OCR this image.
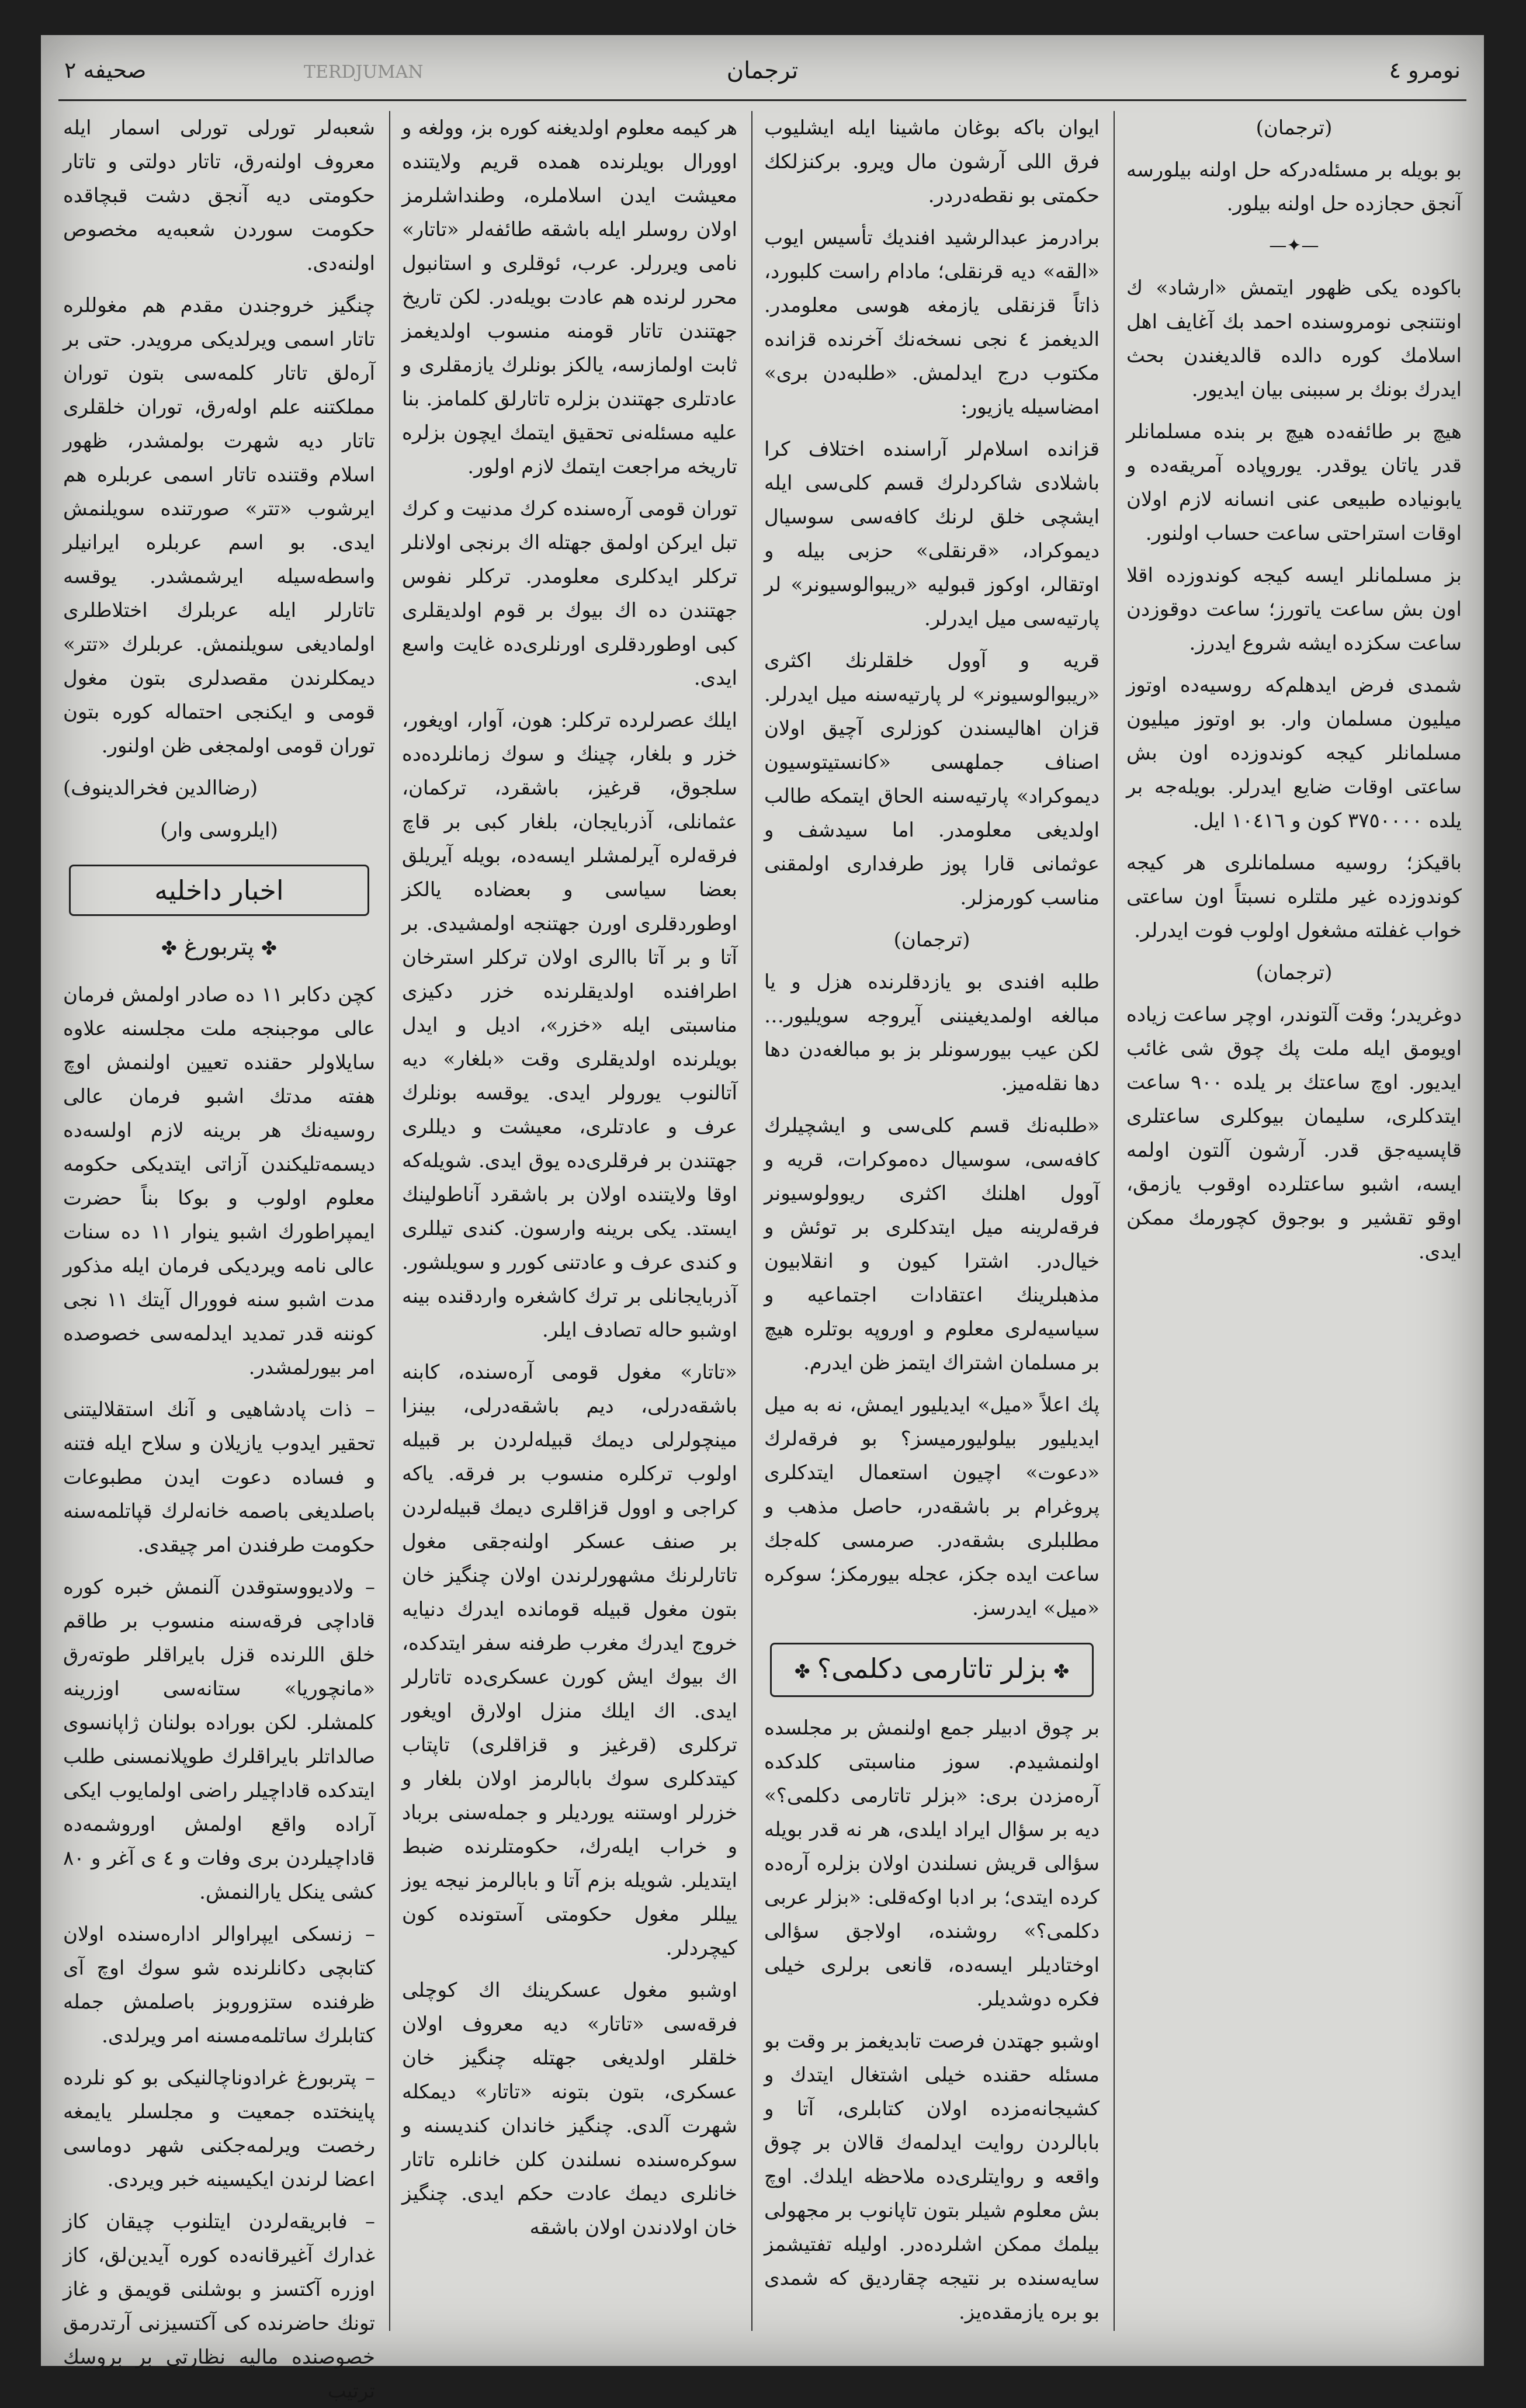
نومرو ٤
ترجمان
TERDJUMAN
صحيفه ٢

(ترجمان)

بو بويله بر مسئله‌دركه حل اولنه بيلورسه آنجق حجازده حل اولنه بيلور.

—✦—

باكوده يكى ظهور ايتمش «ارشاد» ك اونتنجى نومروسنده احمد بك آغايف اهل اسلامك كوره دالده قالديغندن بحث ايدرك بونك بر سببنى بيان ايديور.

هيچ بر طائفه‌ده هيچ بر بنده مسلمانلر قدر ياتان يوقدر. يوروپاده آمريقه‌ده و يابونياده طبيعى عنى انسانه لازم اولان اوقات استراحتى ساعت حساب اولنور.

بز مسلمانلر ايسه كيجه كوندوزده اقلا اون بش ساعت ياتورز؛ ساعت دوقوزدن ساعت سكزده ايشه شروع ايدرز.

شمدى فرض ايدهلم‌كه روسيه‌ده اوتوز ميليون مسلمان وار. بو اوتوز ميليون مسلمانلر كيجه كوندوزده اون بش ساعتى اوقات ضايع ايدرلر. بويله‌جه بر يلده ٣٧٥٠٠٠٠ كون و ١٠٤١٦ ايل.

باقيكز؛ روسيه مسلمانلرى هر كيجه كوندوزده غير ملتلره نسبتاً اون ساعتى خواب غفلته مشغول اولوب فوت ايدرلر.

(ترجمان)

دوغريدر؛ وقت آلتوندر، اوچر ساعت زياده اويومق ايله ملت پك چوق شى غائب ايديور. اوچ ساعتك بر يلده ٩٠٠ ساعت ايتدكلرى، سليمان بيوكلرى ساعتلرى قاپسيه‌جق قدر. آرشون آلتون اولمه ايسه، اشبو ساعتلرده اوقوب يازمق، اوقو تقشير و بوجوق كچورمك ممكن ايدى.

ايوان باكه بوغان ماشينا ايله ايشليوب فرق اللى آرشون مال ويرو. بركنزلكك حكمتى بو نقطه‌دردر.

برادرمز عبدالرشيد افنديك تأسيس ايوب «القه» ديه قرنقلى‌؛ ما‌دام راست كلبورد، ذاتاً قزنقلى يازمغه هوسى معلومدر. الديغمز ٤ نجى نسخه‌نك آخرنده قزانده مكتوب درج ايدلمش. «طلبه‌دن برى» امضاسيله يازيور:

قزانده اسلام‌لر آراسنده اختلاف كرا باشلادى شاكردلرك قسم كلى‌سى ايله ايشچى خلق لرنك كافه‌سى سوسيال ديموكراد، «قرنقلى» حزبى بيله و اوتقالر، اوكوز قبوليه «ريبوالوسيونر» لر پارتيه‌سى ميل ايدرلر.

قريه و آوول خلقلرنك اكثرى «ريبوالوسيونر» لر پارتيه‌سنه ميل ايدرلر. قزان اهاليسندن كوزلرى آچيق اولان اصناف جملهسى «كانستيتوسيون ديموكراد» پارتيه‌سنه الحاق ايتمكه طالب اولديغى معلومدر. اما سيدشف و عوثمانى قارا پوز طرفدارى اولمقنى مناسب كورمزلر.

(ترجمان)

طلبه افندى بو يازدقلرنده هزل و يا مبالغه اولمديغيننى آيروجه سويليور… لكن عيب بيورسونلر بز بو مبالغه‌دن دها دها نقله‌ميز.

«طلبه‌نك قسم كلى‌سى و ايشچيلرك كافه‌سى، سوسيال ده‌موكرات، قريه و آوول اهلنك اكثرى ريوولوسيونر فرقه‌لرينه ميل ايتدكلرى بر توئش و خيال‌در. اشترا كيون و انقلابيون مذهبلرينك اعتقادات اجتماعيه و سياسيه‌لرى معلوم و اوروپه بوتلره هيچ بر مسلمان اشتراك ايتمز ظن ايدرم.

پك اعلاً «ميل» ايديليور ايمش، نه به ميل ايديليور بيلوليورميسز؟ بو فرقه‌لرك «دعوت» اچيون استعمال ايتدكلرى پروغرام بر باشقه‌در، حاصل مذهب و مطلبلرى بشقه‌در. صرمسى كله‌جك ساعت ايده جكز، عجله بيورمكز؛ سوكره «ميل» ايدرسز.

✤بزلر تاتارمى دكلمى؟✤

بر چوق ادبيلر جمع اولنمش بر مجلسده اولنمشيدم. سوز مناسبتى كلدكده آره‌مزدن برى: «بزلر تاتارمى دكلمى؟» ديه بر سؤال ايراد ايلدى، هر نه قدر بويله سؤالى قريش نسلندن اولان بزلره آره‌ده كرده ايتدى؛ بر ادبا اوكه‌قلى: «بزلر عربى دكلمى؟» روشنده، اولاجق سؤالى اوختاديلر ايسه‌ده، قانعى برلرى خيلى فكره دوشديلر.

اوشبو جهتدن فرصت تابديغمز بر وقت بو مسئله حقنده خيلى اشتغال ايتدك و كشيجانه‌مزده اولان كتابلرى، آتا و بابالردن روايت ايدلمه‌ك قالان بر چوق واقعه و روايتلرى‌ده ملاحظه ايلدك. اوچ بش معلوم شيلر بتون تاپانوب بر مجهولى بيلمك ممكن اشلرده‌در. اوليله تفتيشمز سايه‌سنده بر نتيجه چقارديق كه شمدى بو بره يازمقده‌يز.

هر كيمه معلوم اولديغنه كوره بز، وولغه و اوورال بويلرنده همده قريم ولايتنده معيشت ايدن اسلاملره، وطنداشلرمز اولان روسلر ايله باشقه طائفه‌لر «تاتار» نامى ويررلر. عرب، ئوقلرى و استانبول محرر لرنده هم عادت بويله‌در. لكن تاريخ جهتندن تاتار قومنه منسوب اولديغمز ثابت اولمازسه، يالكز بونلرك يازمقلرى و عادتلرى جهتندن بزلره تاتارلق كلمامز. بنا عليه مسئله‌نى تحقيق ايتمك ايچون بزلره تاريخه مراجعت ايتمك لازم اولور.

توران قومى آره‌سنده كرك مدنيت و كرك تبل ايركن اولمق جهتله اك برنجى اولانلر تركلر ايدكلرى معلومدر. تركلر نفوس جهتندن ده اك بيوك بر قوم اولديقلرى كبى اوطوردقلرى اورنلرى‌ده غايت واسع ايدى.

ايلك عصرلرده تركلر: هون، آوار، اويغور، خزر و بلغار، چينك و سوك زمانلرده‌ده سلجوق، قرغيز، باشقرد، تركمان، عثمانلى، آذربايجان، بلغار كبى بر قاچ فرقه‌لره آيرلمشلر ايسه‌ده، بويله آيريلق بعضا سياسى و بعضاده يالكز اوطوردقلرى اورن جهتنجه اولمشيدى. بر آتا و بر آتا باالرى اولان تركلر استرخان اطرافنده اولديقلرنده خزر دكيزى مناسبتى ايله «خزر»، اديل و ايدل بويلرنده اولديقلرى وقت «بلغار» ديه آتالنوب يورولر ايدى. يوقسه بونلرك عرف و عادتلرى، معيشت و ديللرى جهتندن بر فرقلرى‌ده يوق ايدى. شويله‌كه اوقا ولايتنده اولان بر باشقرد آناطولينك ايستد. يكى برينه وارسون. كندى تيللرى و كندى عرف و عادتنى كورر و سويلشور. آذربايجانلى بر ترك كاشغره واردقنده بينه اوشبو حاله تصادف ايلر.

«تاتار» مغول قومى آره‌سنده، كابنه باشقه‌درلى، ديم باشقه‌درلى، بينزا مينچولرلى ديمك قبيله‌لردن بر قبيله اولوب تركلره منسوب بر فرقه. ياكه كراجى و اوول قزاقلرى ديمك قبيله‌لردن بر صنف عسكر اولنه‌جقى مغول تاتارلرنك مشهورلرندن اولان چنگيز خان بتون مغول قبيله قومانده ايدرك دنيايه خروج ايدرك مغرب طرفنه سفر ايتدكده، اك بيوك ايش كورن عسكرى‌ده تاتارلر ايدى. اك ايلك منزل اولارق اويغور تركلرى (قرغيز و قزاقلرى) تاپتاب كيتدكلرى سوك بابالرمز اولان بلغار و خزرلر اوستنه يورديلر و جمله‌سنى برباد و خراب ايله‌رك، حكومتلرنده ضبط ايتديلر. شويله بزم آتا و بابالرمز نيجه يوز ييللر مغول حكومتى آستونده كون كيچردلر.

اوشبو مغول عسكرينك اك كوچلى فرقه‌سى «تاتار» ديه معروف اولان خلقلر اولديغى جهتله چنگيز خان عسكرى، بتون بتونه «تاتار» ديمكله شهرت آلدى. چنگيز خاندان كنديسنه و سوكره‌سنده نسلندن كلن خانلره تاتار خانلرى ديمك عادت حكم ايدى. چنگيز خان اولادندن اولان باشقه

شعبه‌لر تورلى تورلى اسمار ايله معروف اولنه‌رق، تاتار دولتى و تاتار حكومتى ديه آنجق دشت قبچاقده حكومت سوردن شعبه‌يه مخصوص اولنه‌دى.

چنگيز خروجندن مقدم هم مغوللره تاتار اسمى ويرلديكى مرويدر. حتى بر آرەلق تاتار كلمه‌سى بتون توران مملكتنه علم اولەرق، توران خلقلرى تاتار ديه شهرت بولمشدر، ظهور اسلام وقتنده تاتار اسمى عربلره هم ايرشوب «تتر» صورتنده سويلنمش ايدى. بو اسم عربلره ايرانيلر واسطه‌سيله ايرشمشدر. يوقسه تاتارلر ايله عربلرك اختلاطلرى اولماديغى سويلنمش. عربلرك «تتر» ديمكلرندن مقصدلرى بتون مغول قومى و ايكنجى احتماله كوره بتون توران قومى اولمجغى ظن اولنور.

(رضاالدين فخرالدينوف)

(ايلروسى وار)

اخبار داخليه
✤پتربورغ✤

كچن دكابر ١١ ده صادر اولمش فرمان عالى موجبنجه ملت مجلسنه علاوه سايلاولر حقنده تعيين اولنمش اوچ هفته مدتك اشبو فرمان عالى روسيه‌نك هر برينه لازم اولسه‌ده ديسمه‌تليكندن آزاتى ايتديكى حكومه معلوم اولوب و بوكا بناً حضرت ايمپراطورك اشبو ينوار ١١ ده سنات عالى نامه ويرديكى فرمان ايله مذكور مدت اشبو سنه فوورال آيتك ١١ نجى كوننه قدر تمديد ايدلمه‌سى خصوصده امر بيورلمشدر.

– ذات پادشاهيى و آنك استقلاليتنى تحقير ايدوب يازيلان و سلاح ايله فتنه و فساده دعوت ايدن مطبوعات باصلديغى باصمه خانه‌لرك قپاتلمه‌سنه حكومت طرفندن امر چيقدى.

– ولاديووستوقدن آلنمش خبره كوره قاداچى فرقه‌سنه منسوب بر طاقم خلق اللرنده قزل بايراقلر طوتەرق «مانچوريا» ستانه‌سى اوزرينه كلمشلر. لكن بوراده بولنان ژاپانسوى صالداتلر بايراقلرك طوپلانمسنى طلب ايتدكده قاداچيلر راضى اولمايوب ايكى آراده واقع اولمش اوروشمه‌ده قاداچيلردن برى وفات و ٤ ى آغر و ٨٠ كشى ينكل يارالنمش.

– زنسكى ايپراوالر اداره‌سنده اولان كتابچى دكانلرنده شو سوك اوچ آى ظرفنده ستزوروبز باصلمش جمله كتابلرك ساتلمه‌مسنه امر ويرلدى.

– پتربورغ غرادوناچالنيكى بو كو نلرده پاينختده جمعيت و مجلسلر يايمغه رخصت ويرلمه‌جكنى شهر دوماسى اعضا لرندن ايكيسينه خبر ويردى.

– فابريقه‌لردن ايتلنوب چيقان كاز غدارك آغيرقانه‌ده كوره آيدين‌لق، كاز اوزره آكتسز و بوشلنى قويمق و غاز تونك حاضرنده كى آكتسيزنى آرتدرمق خصوصنده ماليه نظارتى بر بروسك ترتيب
